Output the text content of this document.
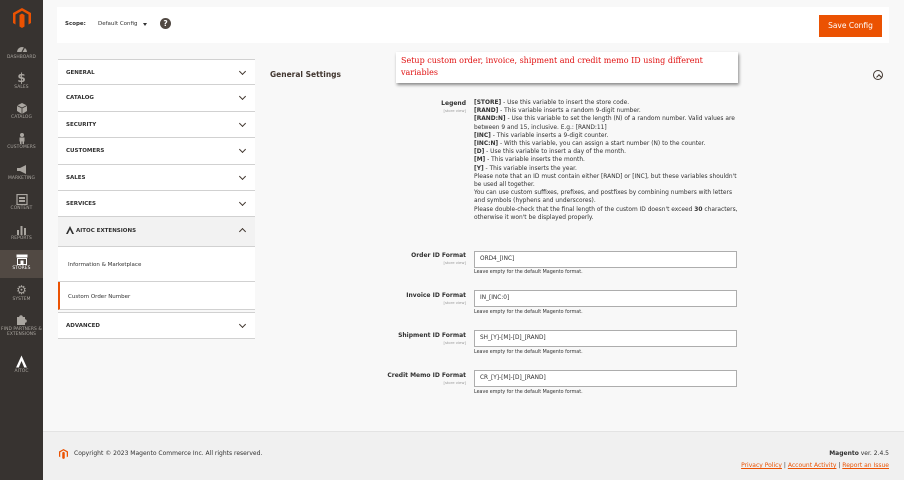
DASHBOARD
$
SALES
CATALOG
CUSTOMERS
MARKETING
CONTENT
REPORTS
STORES
⚙
SYSTEM
FIND PARTNERS & EXTENSIONS
AITOC
Scope: Default Config	?	Save Config
GENERAL
CATALOG
SECURITY
CUSTOMERS
SALES
SERVICES
AITOC EXTENSIONS
Information & Marketplace
Custom Order Number
ADVANCED
General Settings
Setup custom order, invoice, shipment and credit memo ID using different variables
Legend
[store view]
[STORE] - Use this variable to insert the store code.
[RAND] - This variable inserts a random 9-digit number.
[RAND:N] - Use this variable to set the length (N) of a random number. Valid values are between 9 and 15, inclusive. E.g.: [RAND:11]
[INC] - This variable inserts a 9-digit counter.
[INC:N] - With this variable, you can assign a start number (N) to the counter.
[D] - Use this variable to insert a day of the month.
[M] - This variable inserts the month.
[Y] - This variable inserts the year.
Please note that an ID must contain either [RAND] or [INC], but these variables shouldn't be used all together.
You can use custom suffixes, prefixes, and postfixes by combining numbers with letters and symbols (hyphens and underscores).
Please double-check that the final length of the custom ID doesn't exceed 30 characters, otherwise it won't be displayed properly.
Order ID Format
[store view]	ORD4_[INC]
Leave empty for the default Magento format.
Invoice ID Format
[store view]
IN_[INC:0]
Leave empty for the default Magento format.
Shipment ID Format
[store view]
SH_[Y]-[M]-[D]_[RAND]
Leave empty for the default Magento format.
Credit Memo ID Format
[store view]
CR_[Y]-[M]-[D]_[RAND]
Leave empty for the default Magento format.
Copyright © 2023 Magento Commerce Inc. All rights reserved.	Magento ver. 2.4.5
Privacy Policy | Account Activity | Report an Issue
